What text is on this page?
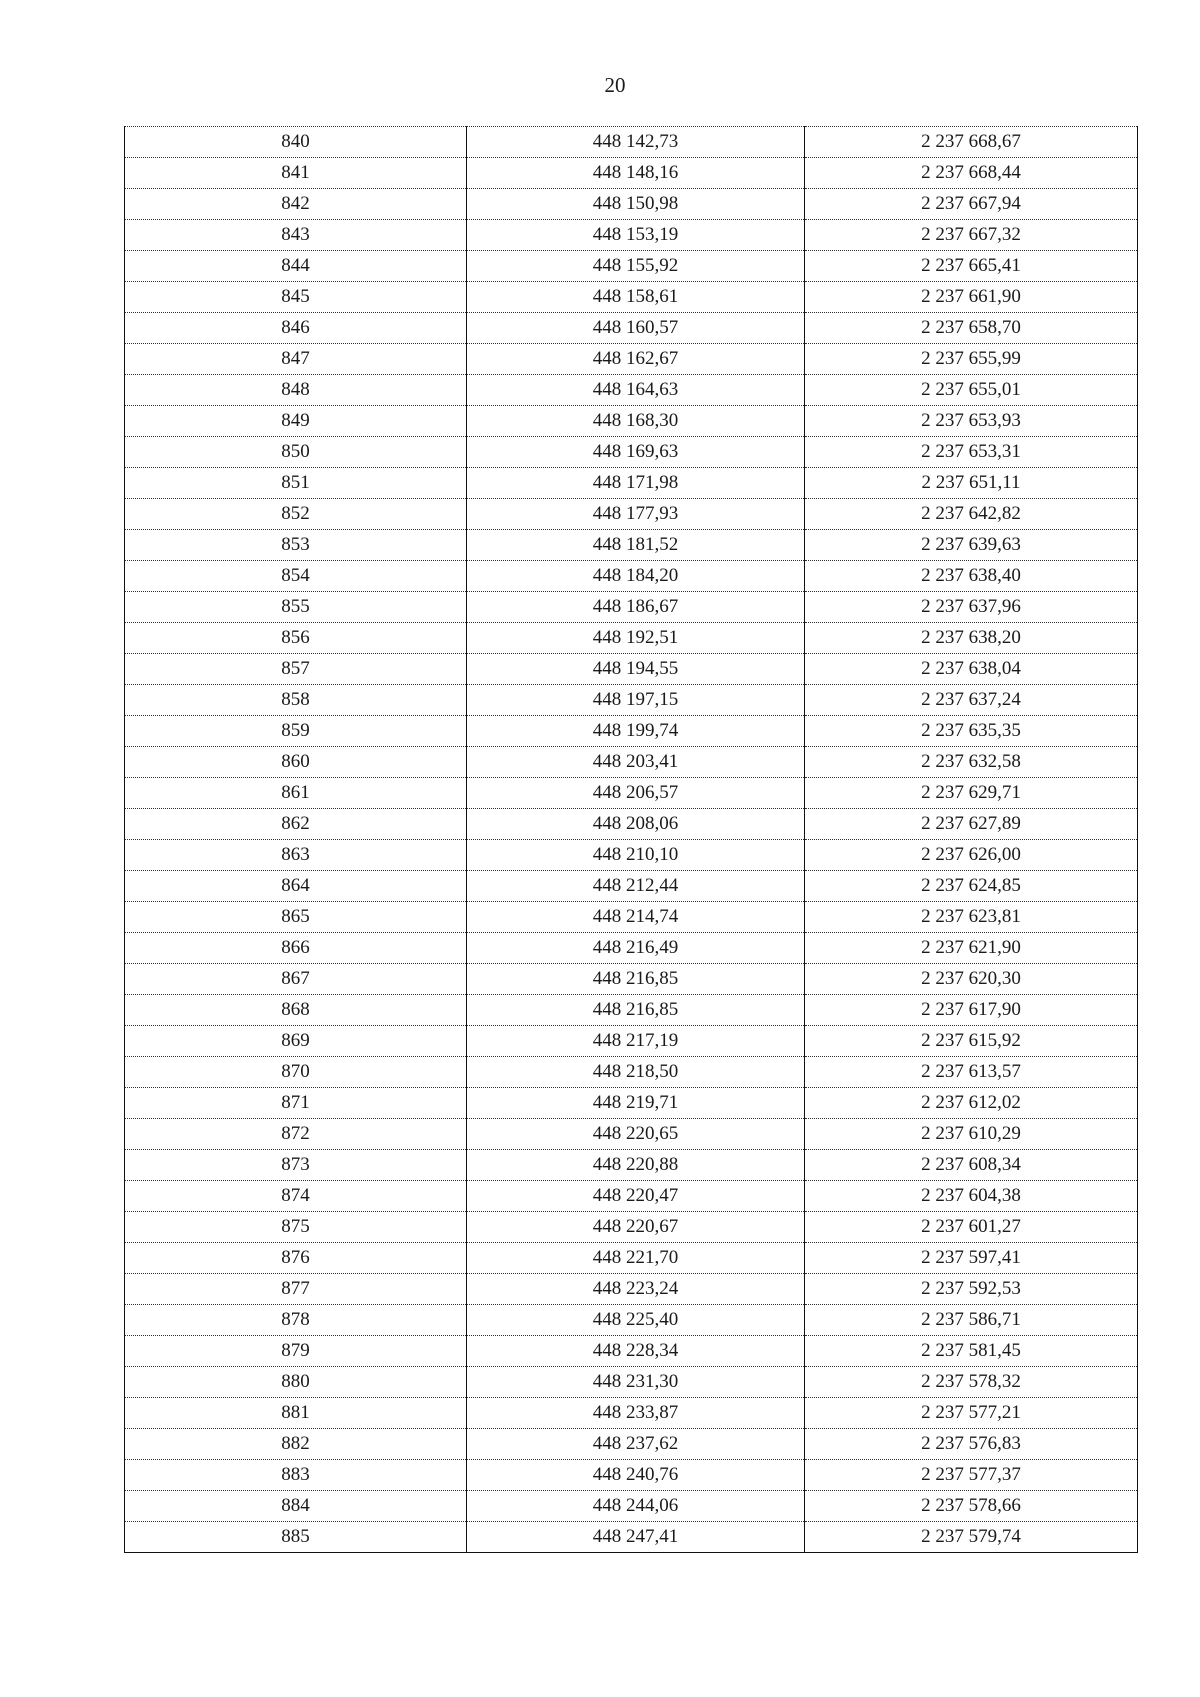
20
840	448 142,73	2 237 668,67
841	448 148,16	2 237 668,44
842	448 150,98	2 237 667,94
843	448 153,19	2 237 667,32
844	448 155,92	2 237 665,41
845	448 158,61	2 237 661,90
846	448 160,57	2 237 658,70
847	448 162,67	2 237 655,99
848	448 164,63	2 237 655,01
849	448 168,30	2 237 653,93
850	448 169,63	2 237 653,31
851	448 171,98	2 237 651,11
852	448 177,93	2 237 642,82
853	448 181,52	2 237 639,63
854	448 184,20	2 237 638,40
855	448 186,67	2 237 637,96
856	448 192,51	2 237 638,20
857	448 194,55	2 237 638,04
858	448 197,15	2 237 637,24
859	448 199,74	2 237 635,35
860	448 203,41	2 237 632,58
861	448 206,57	2 237 629,71
862	448 208,06	2 237 627,89
863	448 210,10	2 237 626,00
864	448 212,44	2 237 624,85
865	448 214,74	2 237 623,81
866	448 216,49	2 237 621,90
867	448 216,85	2 237 620,30
868	448 216,85	2 237 617,90
869	448 217,19	2 237 615,92
870	448 218,50	2 237 613,57
871	448 219,71	2 237 612,02
872	448 220,65	2 237 610,29
873	448 220,88	2 237 608,34
874	448 220,47	2 237 604,38
875	448 220,67	2 237 601,27
876	448 221,70	2 237 597,41
877	448 223,24	2 237 592,53
878	448 225,40	2 237 586,71
879	448 228,34	2 237 581,45
880	448 231,30	2 237 578,32
881	448 233,87	2 237 577,21
882	448 237,62	2 237 576,83
883	448 240,76	2 237 577,37
884	448 244,06	2 237 578,66
885	448 247,41	2 237 579,74
